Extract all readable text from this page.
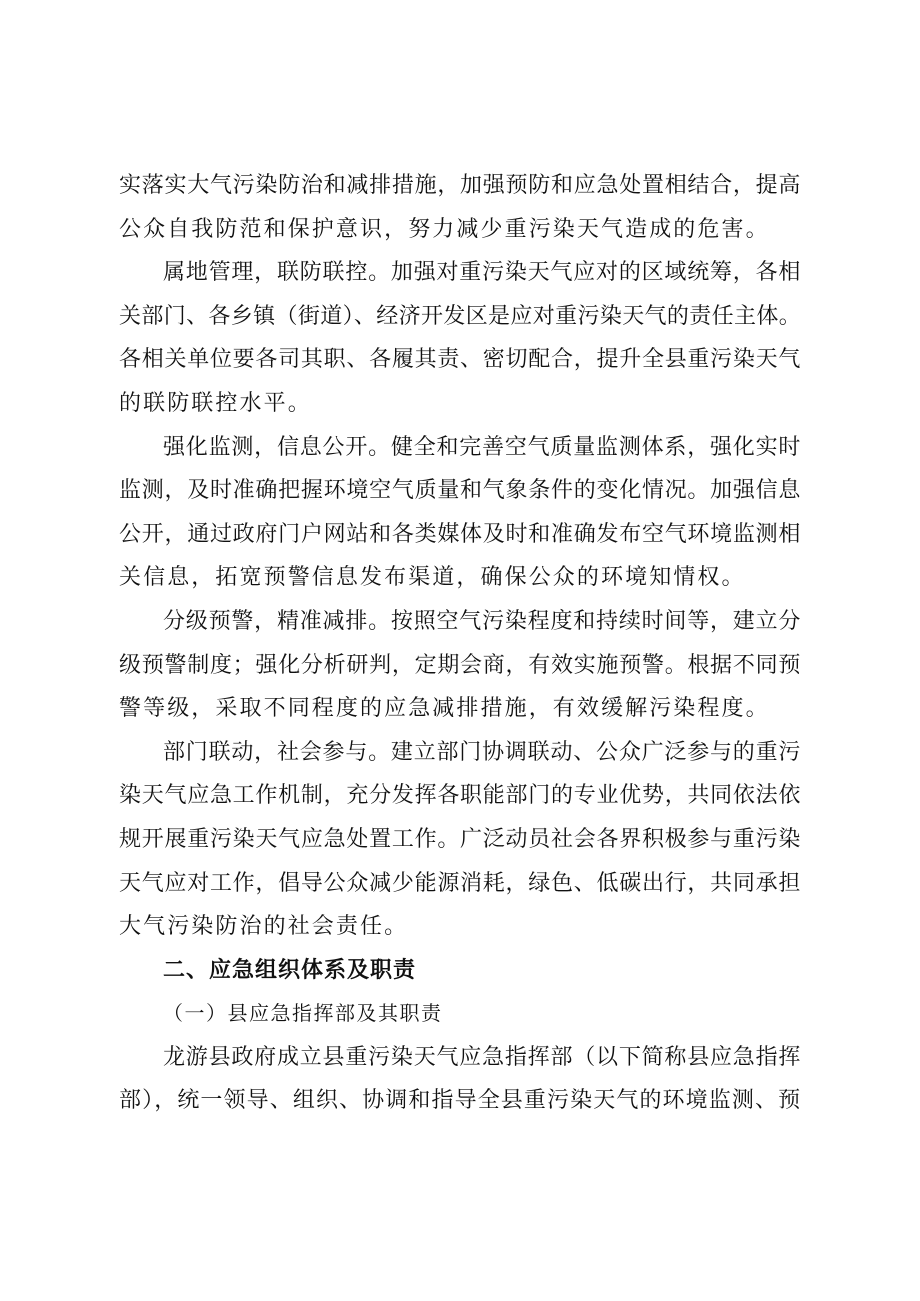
实落实大气污染防治和减排措施，加强预防和应急处置相结合，提高
公众自我防范和保护意识，努力减少重污染天气造成的危害。
属地管理，联防联控。加强对重污染天气应对的区域统筹，各相
关部门、各乡镇（街道）、经济开发区是应对重污染天气的责任主体。
各相关单位要各司其职、各履其责、密切配合，提升全县重污染天气
的联防联控水平。
强化监测，信息公开。健全和完善空气质量监测体系，强化实时
监测，及时准确把握环境空气质量和气象条件的变化情况。加强信息
公开，通过政府门户网站和各类媒体及时和准确发布空气环境监测相
关信息，拓宽预警信息发布渠道，确保公众的环境知情权。
分级预警，精准减排。按照空气污染程度和持续时间等，建立分
级预警制度；强化分析研判，定期会商，有效实施预警。根据不同预
警等级，采取不同程度的应急减排措施，有效缓解污染程度。
部门联动，社会参与。建立部门协调联动、公众广泛参与的重污
染天气应急工作机制，充分发挥各职能部门的专业优势，共同依法依
规开展重污染天气应急处置工作。广泛动员社会各界积极参与重污染
天气应对工作，倡导公众减少能源消耗，绿色、低碳出行，共同承担
大气污染防治的社会责任。
二、应急组织体系及职责
（一）县应急指挥部及其职责
龙游县政府成立县重污染天气应急指挥部（以下简称县应急指挥
部），统一领导、组织、协调和指导全县重污染天气的环境监测、预
